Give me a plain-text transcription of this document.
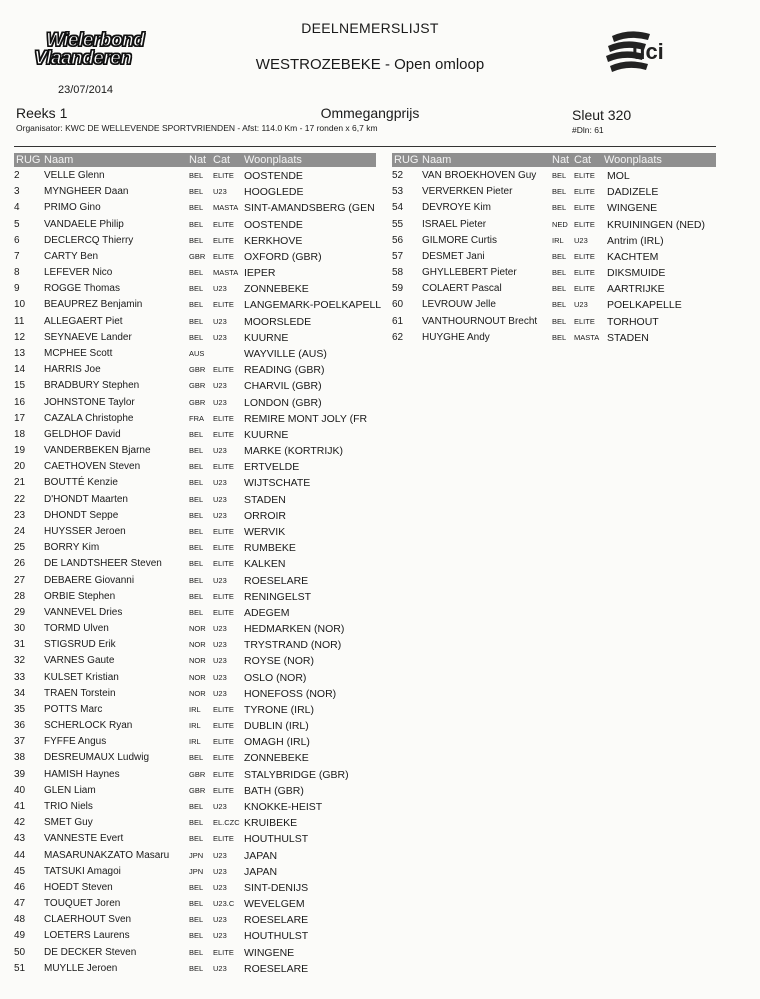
Wielerbond
Vlaanderen
23/07/2014
DEELNEMERSLIJST
WESTROZEBEKE - Open omloop
uci
Reeks 1	Ommegangprijs	Sleut 320
Organisator: KWC DE WELLEVENDE SPORTVRIENDEN - Afst: 114.0 Km - 17 ronden x 6,7 km	#Dln: 61
RUG Naam	Nat Cat Woonplaats	RUG Naam	Nat Cat Woonplaats
2	VELLE Glenn	BEL ELITE OOSTENDE
3	MYNGHEER Daan	BEL U23 HOOGLEDE
4	PRIMO Gino	BEL MASTA SINT-AMANDSBERG (GEN
5	VANDAELE Philip	BEL ELITE OOSTENDE
6	DECLERCQ Thierry	BEL ELITE KERKHOVE
7	CARTY Ben	GBR ELITE OXFORD (GBR)
8	LEFEVER Nico	BEL MASTA IEPER
9	ROGGE Thomas	BEL U23 ZONNEBEKE
10	BEAUPREZ Benjamin	BEL ELITE LANGEMARK-POELKAPELL
11	ALLEGAERT Piet	BEL U23 MOORSLEDE
12	SEYNAEVE Lander	BEL U23 KUURNE
13	MCPHEE Scott	AUS	WAYVILLE (AUS)
14	HARRIS Joe	GBR ELITE READING (GBR)
15	BRADBURY Stephen	GBR U23 CHARVIL (GBR)
16	JOHNSTONE Taylor	GBR U23 LONDON (GBR)
17	CAZALA Christophe	FRA ELITE REMIRE MONT JOLY (FR
18	GELDHOF David	BEL ELITE KUURNE
19	VANDERBEKEN Bjarne	BEL U23 MARKE (KORTRIJK)
20	CAETHOVEN Steven	BEL ELITE ERTVELDE
21	BOUTTÉ Kenzie	BEL U23 WIJTSCHATE
22	D'HONDT Maarten	BEL U23 STADEN
23	DHONDT Seppe	BEL U23 ORROIR
24	HUYSSER Jeroen	BEL ELITE WERVIK
25	BORRY Kim	BEL ELITE RUMBEKE
26	DE LANDTSHEER Steven	BEL ELITE KALKEN
27	DEBAERE Giovanni	BEL U23 ROESELARE
28	ORBIE Stephen	BEL ELITE RENINGELST
29	VANNEVEL Dries	BEL ELITE ADEGEM
30	TORMD Ulven	NOR U23 HEDMARKEN (NOR)
31	STIGSRUD Erik	NOR U23 TRYSTRAND (NOR)
32	VARNES Gaute	NOR U23 ROYSE (NOR)
33	KULSET Kristian	NOR U23 OSLO (NOR)
34	TRAEN Torstein	NOR U23 HONEFOSS (NOR)
35	POTTS Marc	IRL ELITE TYRONE (IRL)
36	SCHERLOCK Ryan	IRL ELITE DUBLIN (IRL)
37	FYFFE Angus	IRL ELITE OMAGH (IRL)
38	DESREUMAUX Ludwig	BEL ELITE ZONNEBEKE
39	HAMISH Haynes	GBR ELITE STALYBRIDGE (GBR)
40	GLEN Liam	GBR ELITE BATH (GBR)
41	TRIO Niels	BEL U23 KNOKKE-HEIST
42	SMET Guy	BEL EL.CZC KRUIBEKE
43	VANNESTE Evert	BEL ELITE HOUTHULST
44	MASARUNAKZATO Masaru	JPN U23 JAPAN
45	TATSUKI Amagoi	JPN U23 JAPAN
46	HOEDT Steven	BEL U23 SINT-DENIJS
47	TOUQUET Joren	BEL U23.C WEVELGEM
48	CLAERHOUT Sven	BEL U23 ROESELARE
49	LOETERS Laurens	BEL U23 HOUTHULST
50	DE DECKER Steven	BEL ELITE WINGENE
51	MUYLLE Jeroen	BEL U23 ROESELARE
52	VAN BROEKHOVEN Guy BEL ELITE MOL
53	VERVERKEN Pieter	BEL ELITE DADIZELE
54	DEVROYE Kim	BEL ELITE WINGENE
55	ISRAEL Pieter	NED ELITE KRUININGEN (NED)
56	GILMORE Curtis	IRL U23 Antrim (IRL)
57	DESMET Jani	BEL ELITE KACHTEM
58	GHYLLEBERT Pieter	BEL ELITE DIKSMUIDE
59	COLAERT Pascal	BEL ELITE AARTRIJKE
60	LEVROUW Jelle	BEL U23 POELKAPELLE
61	VANTHOURNOUT Brecht BEL ELITE TORHOUT
62	HUYGHE Andy	BEL MASTA STADEN
